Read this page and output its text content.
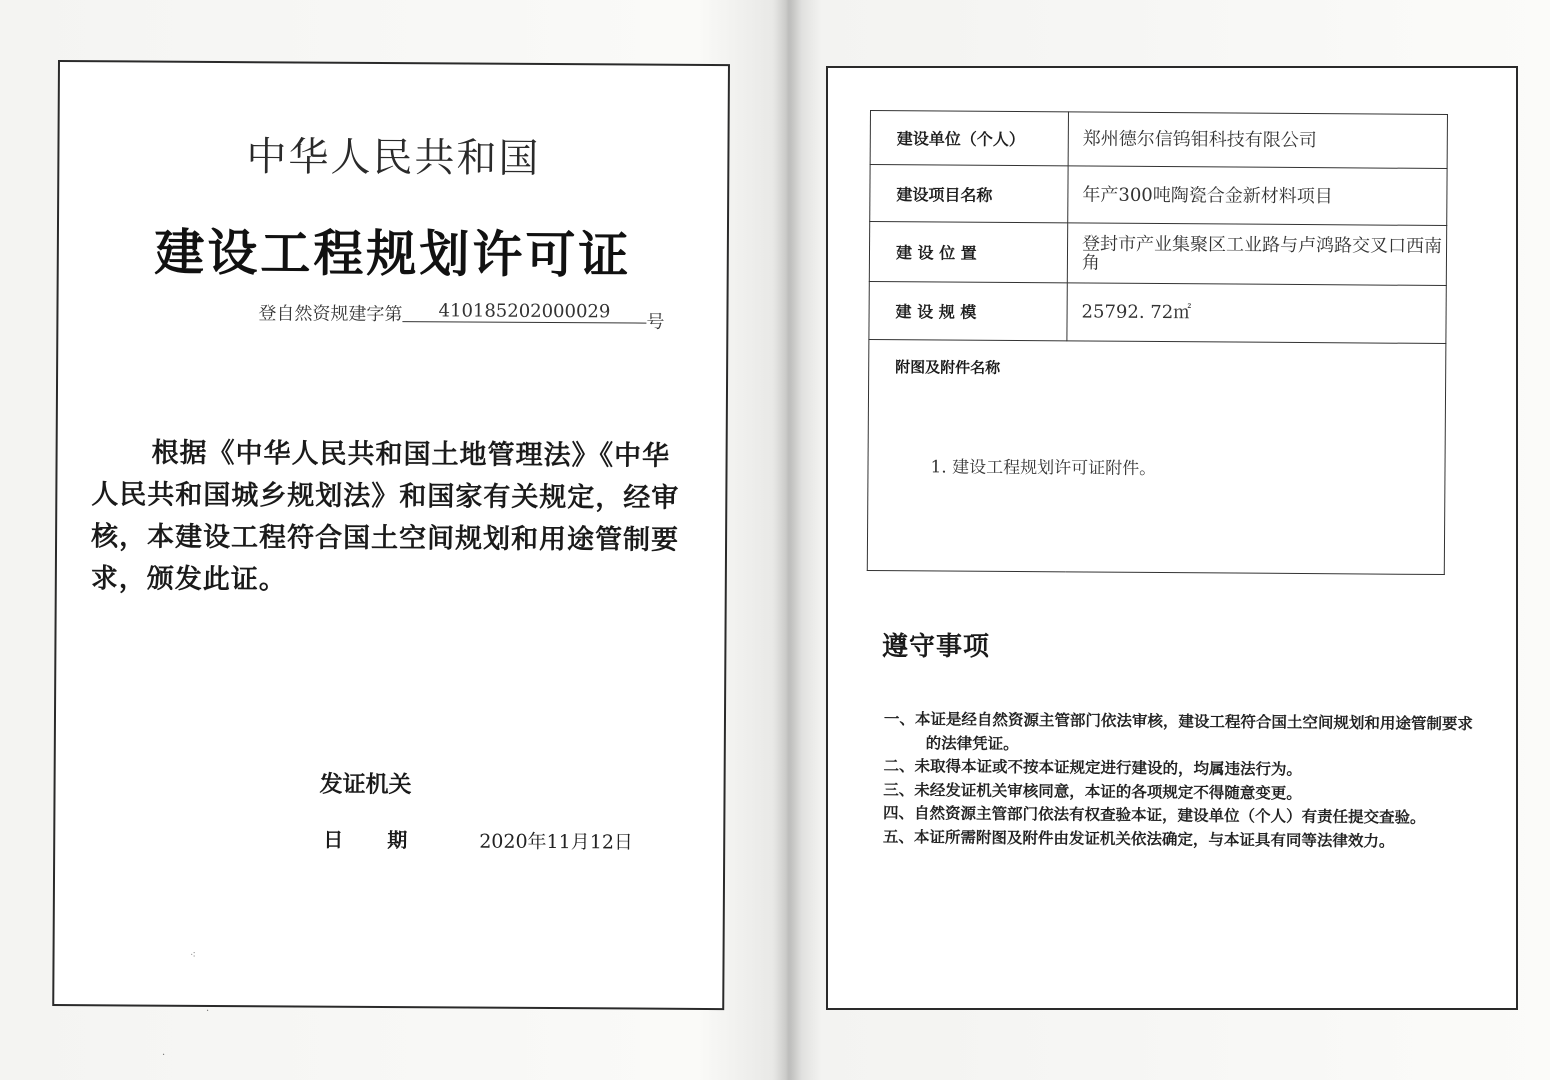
中华人民共和国
建设工程规划许可证
登自然资规建字第 410185202000029 号
根据《中华人民共和国土地管理法》《中华人民共和国城乡规划法》和国家有关规定，经审核，本建设工程符合国土空间规划和用途管制要求，颁发此证。
发证机关
日期 2020年11月12日
建设单位（个人）	郑州德尔信钨钼科技有限公司
建设项目名称	年产300吨陶瓷合金新材料项目
建 设 位 置	登封市产业集聚区工业路与卢鸿路交叉口西南角
建 设 规 模	25792. 72㎡

附图及附件名称
1. 建设工程规划许可证附件。	
遵守事项
一、本证是经自然资源主管部门依法审核，建设工程符合国土空间规划和用途管制要求的法律凭证。
二、未取得本证或不按本证规定进行建设的，均属违法行为。
三、未经发证机关审核同意，本证的各项规定不得随意变更。
四、自然资源主管部门依法有权查验本证，建设单位（个人）有责任提交查验。
五、本证所需附图及附件由发证机关依法确定，与本证具有同等法律效力。
⁖
·
·
